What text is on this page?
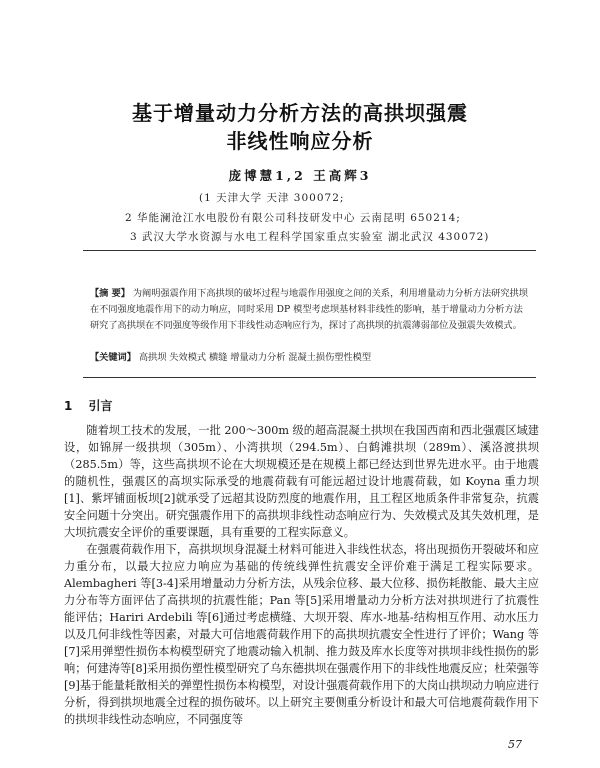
基于增量动力分析方法的高拱坝强震
非线性响应分析
庞博慧1,2 王高辉3
(1 天津大学 天津 300072;
2 华能澜沧江水电股份有限公司科技研发中心 云南昆明 650214;
3 武汉大学水资源与水电工程科学国家重点实验室 湖北武汉 430072)
【摘 要】 为阐明强震作用下高拱坝的破坏过程与地震作用强度之间的关系，利用增量动力分析方法研究拱坝在不同强度地震作用下的动力响应，同时采用 DP 模型考虑坝基材料非线性的影响，基于增量动力分析方法研究了高拱坝在不同强度等级作用下非线性动态响应行为，探讨了高拱坝的抗震薄弱部位及强震失效模式。
【关键词】 高拱坝 失效模式 横缝 增量动力分析 混凝土损伤塑性模型
1 引言

随着坝工技术的发展，一批 200～300m 级的超高混凝土拱坝在我国西南和西北强震区域建设，如锦屏一级拱坝（305m）、小湾拱坝（294.5m）、白鹤滩拱坝（289m）、溪洛渡拱坝（285.5m）等，这些高拱坝不论在大坝规模还是在规模上都已经达到世界先进水平。由于地震的随机性，强震区的高坝实际承受的地震荷载有可能远超过设计地震荷载，如 Koyna 重力坝[1]、紫坪铺面板坝[2]就承受了远超其设防烈度的地震作用，且工程区地质条件非常复杂，抗震安全问题十分突出。研究强震作用下的高拱坝非线性动态响应行为、失效模式及其失效机理，是大坝抗震安全评价的重要课题，具有重要的工程实际意义。

在强震荷载作用下，高拱坝坝身混凝土材料可能进入非线性状态，将出现损伤开裂破坏和应力重分布，以最大拉应力响应为基础的传统线弹性抗震安全评价难于满足工程实际要求。Alembagheri 等[3-4]采用增量动力分析方法，从残余位移、最大位移、损伤耗散能、最大主应力分布等方面评估了高拱坝的抗震性能；Pan 等[5]采用增量动力分析方法对拱坝进行了抗震性能评估；Hariri Ardebili 等[6]通过考虑横缝、大坝开裂、库水-地基-结构相互作用、动水压力以及几何非线性等因素，对最大可信地震荷载作用下的高拱坝抗震安全性进行了评价；Wang 等[7]采用弹塑性损伤本构模型研究了地震动输入机制、推力鼓及库水长度等对拱坝非线性损伤的影响；何建涛等[8]采用损伤塑性模型研究了乌东德拱坝在强震作用下的非线性地震反应；杜荣强等[9]基于能量耗散相关的弹塑性损伤本构模型，对设计强震荷载作用下的大岗山拱坝动力响应进行分析，得到拱坝地震全过程的损伤破坏。以上研究主要侧重分析设计和最大可信地震荷载作用下的拱坝非线性动态响应，不同强度等

57
